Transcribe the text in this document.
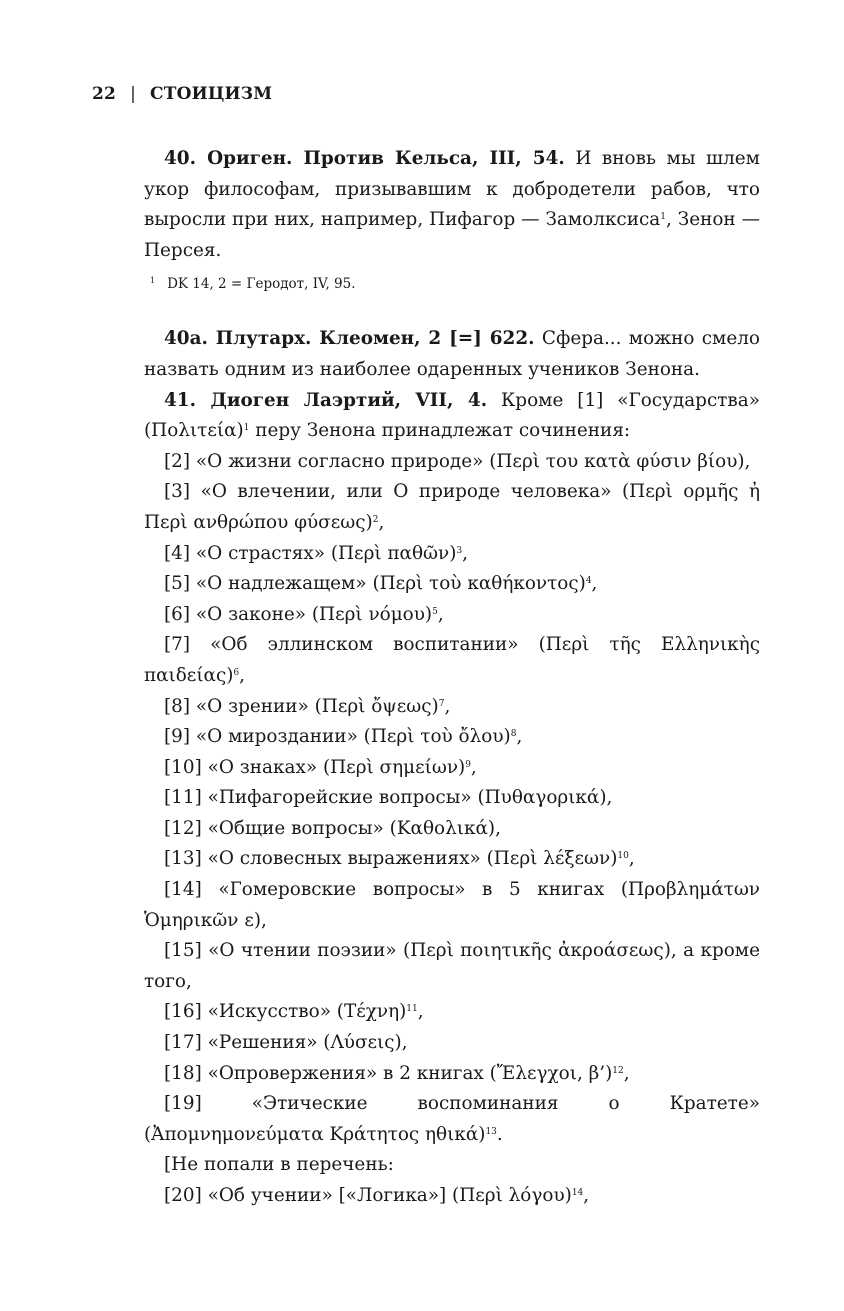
22 | СТОИЦИЗМ

40. Ориген. Против Кельса, III, 54. И вновь мы шлем укор философам, призывавшим к добродетели рабов, что выросли при них, например, Пифагор — Замолксиса$^1$, Зенон — Персея.

$^1$ DK 14, 2 = Геродот, IV, 95.

40а. Плутарх. Клеомен, 2 [=] 622. Сфера... можно смело назвать одним из наиболее одаренных учеников Зенона.

41. Диоген Лаэртий, VII, 4. Кроме [1] «Государства» $(\Pi o\lambda\iota\tau\varepsilon ί\alpha)^1$ перу Зенона принадлежат сочинения:

[2] «О жизни согласно природе» (Περὶ του κατὰ φύσιν βίου),

[3] «О влечении, или О природе человека» (Περὶ ορμῆς ἠ Περὶ ανθρώπου φύσεως)$^2$,

[4] «О страстях» (Περὶ παθῶν)$^3$,

[5] «О надлежащем» (Περὶ τοὺ καθήκοντος)$^4$,

[6] «О законе» (Περὶ νόμου)$^5$,

[7] «Об эллинском воспитании» (Περὶ τῆς Ελληνικὴς παιδείας)$^6$,

[8] «О зрении» (Περὶ ὄψεως)$^7$,

[9] «О мироздании» (Περὶ τοὺ ὄλου)$^8$,

[10] «О знаках» (Περὶ σημείων)$^9$,

[11] «Пифагорейские вопросы» (Πυθαγορικά),

[12] «Общие вопросы» (Καθολικά),

[13] «О словесных выражениях» (Περὶ λέξεων)$^{10}$,

[14] «Гомеровские вопросы» в 5 книгах (Προβλημάτων Ὁμηρικῶν ε),

[15] «О чтении поэзии» (Περὶ ποιητικῆς ἀκροάσεως), а кроме того,

[16] «Искусство» $(Tέ\chi\nu\eta)^{11}$,

[17] «Решения» (Λύσεις),

[18] «Опровержения» в 2 книгах (Ἔλεγχοι, β’)$^{12}$,

[19] «Этические воспоминания о Кратете» (Ἀπομνημονεύματα Κράτητος ηθικά)$^{13}$.

[Не попали в перечень:

[20] «Об учении» [«Логика»] (Περὶ λόγου)$^{14}$,
